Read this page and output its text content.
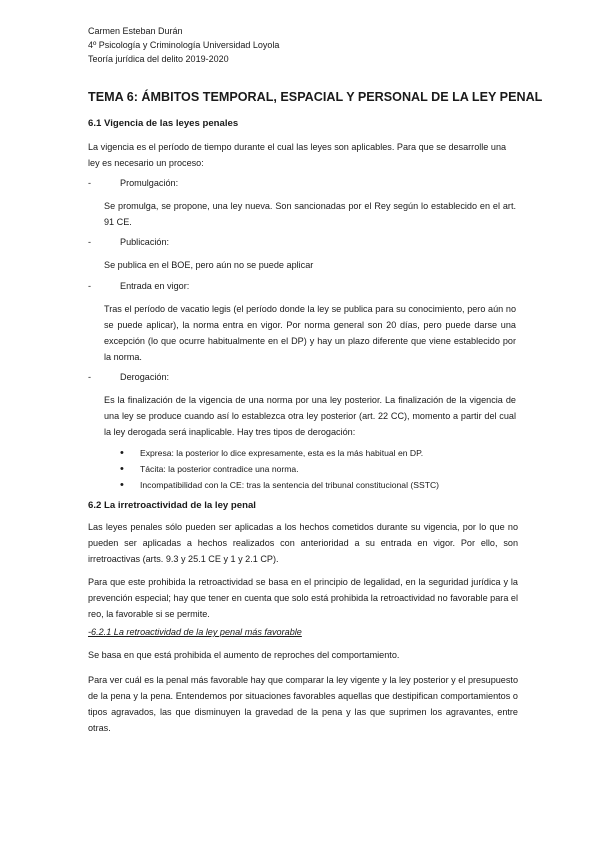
Carmen Esteban Durán
4º Psicología y Criminología Universidad Loyola
Teoría jurídica del delito 2019-2020
TEMA 6: ÁMBITOS TEMPORAL, ESPACIAL Y PERSONAL DE LA LEY PENAL
6.1 Vigencia de las leyes penales
La vigencia es el período de tiempo durante el cual las leyes son aplicables. Para que se desarrolle una ley es necesario un proceso:
-	Promulgación:
Se promulga, se propone, una ley nueva. Son sancionadas por el Rey según lo establecido en el art. 91 CE.
-	Publicación:
Se publica en el BOE, pero aún no se puede aplicar
-	Entrada en vigor:
Tras el período de vacatio legis (el período donde la ley se publica para su conocimiento, pero aún no se puede aplicar), la norma entra en vigor. Por norma general son 20 días, pero puede darse una excepción (lo que ocurre habitualmente en el DP) y hay un plazo diferente que viene establecido por la norma.
-	Derogación:
Es la finalización de la vigencia de una norma por una ley posterior. La finalización de la vigencia de una ley se produce cuando así lo establezca otra ley posterior (art. 22 CC), momento a partir del cual la ley derogada será inaplicable. Hay tres tipos de derogación:
• Expresa: la posterior lo dice expresamente, esta es la más habitual en DP.
• Tácita: la posterior contradice una norma.
• Incompatibilidad con la CE: tras la sentencia del tribunal constitucional (SSTC)
6.2 La irretroactividad de la ley penal
Las leyes penales sólo pueden ser aplicadas a los hechos cometidos durante su vigencia, por lo que no pueden ser aplicadas a hechos realizados con anterioridad a su entrada en vigor. Por ello, son irretroactivas (arts. 9.3 y 25.1 CE y 1 y 2.1 CP).
Para que este prohibida la retroactividad se basa en el principio de legalidad, en la seguridad jurídica y la prevención especial; hay que tener en cuenta que solo está prohibida la retroactividad no favorable para el reo, la favorable si se permite.
-6.2.1 La retroactividad de la ley penal más favorable
Se basa en que está prohibida el aumento de reproches del comportamiento.
Para ver cuál es la penal más favorable hay que comparar la ley vigente y la ley posterior y el presupuesto de la pena y la pena. Entendemos por situaciones favorables aquellas que destipifican comportamientos o tipos agravados, las que disminuyen la gravedad de la pena y las que suprimen los agravantes, entre otras.
